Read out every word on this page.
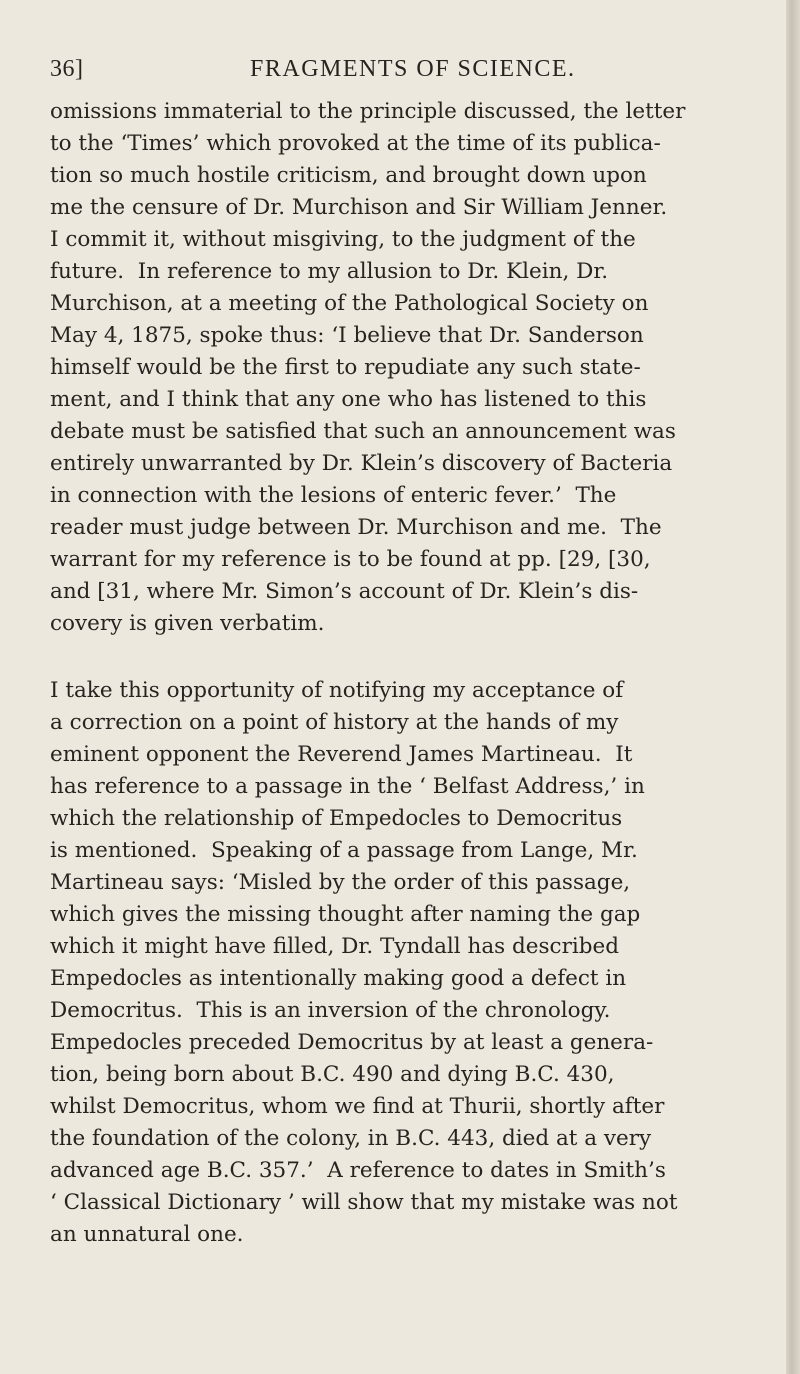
36]	FRAGMENTS OF SCIENCE.
omissions immaterial to the principle discussed, the letter
to the ‘Times’ which provoked at the time of its publica-
tion so much hostile criticism, and brought down upon
me the censure of Dr. Murchison and Sir William Jenner.
I commit it, without misgiving, to the judgment of the
future.  In reference to my allusion to Dr. Klein, Dr.
Murchison, at a meeting of the Pathological Society on
May 4, 1875, spoke thus: ‘I believe that Dr. Sanderson
himself would be the first to repudiate any such state-
ment, and I think that any one who has listened to this
debate must be satisfied that such an announcement was
entirely unwarranted by Dr. Klein’s discovery of Bacteria
in connection with the lesions of enteric fever.’  The
reader must judge between Dr. Murchison and me.  The
warrant for my reference is to be found at pp. [29, [30,
and [31, where Mr. Simon’s account of Dr. Klein’s dis-
covery is given verbatim.
I take this opportunity of notifying my acceptance of
a correction on a point of history at the hands of my
eminent opponent the Reverend James Martineau.  It
has reference to a passage in the ‘ Belfast Address,’ in
which the relationship of Empedocles to Democritus
is mentioned.  Speaking of a passage from Lange, Mr.
Martineau says: ‘Misled by the order of this passage,
which gives the missing thought after naming the gap
which it might have filled, Dr. Tyndall has described
Empedocles as intentionally making good a defect in
Democritus.  This is an inversion of the chronology.
Empedocles preceded Democritus by at least a genera-
tion, being born about B.C. 490 and dying B.C. 430,
whilst Democritus, whom we find at Thurii, shortly after
the foundation of the colony, in B.C. 443, died at a very
advanced age B.C. 357.’  A reference to dates in Smith’s
‘ Classical Dictionary ’ will show that my mistake was not
an unnatural one.
